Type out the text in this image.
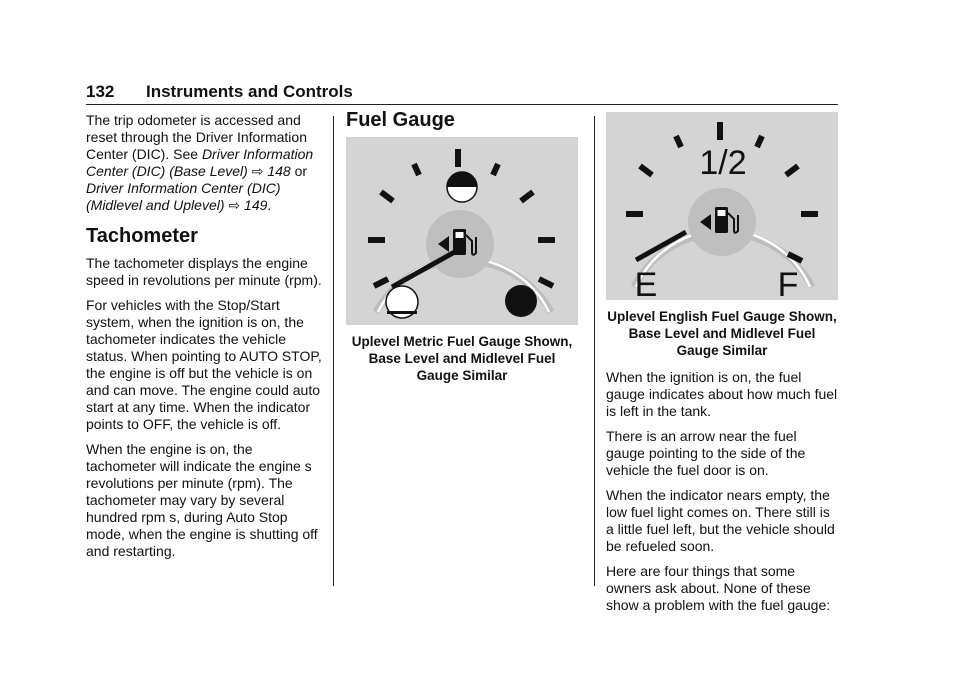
132 Instruments and Controls

The trip odometer is accessed and reset through the Driver Information Center (DIC). See Driver Information Center (DIC) (Base Level) ⇨ 148 or
Driver Information Center (DIC) (Midlevel and Uplevel) ⇨ 149.

Tachometer

The tachometer displays the engine speed in revolutions per minute (rpm).

For vehicles with the Stop/Start system, when the ignition is on, the tachometer indicates the vehicle status. When pointing to AUTO STOP, the engine is off but the vehicle is on and can move. The engine could auto start at any time. When the indicator points to OFF, the vehicle is off.

When the engine is on, the tachometer will indicate the engine s revolutions per minute (rpm). The tachometer may vary by several hundred rpm s, during Auto Stop mode, when the engine is shutting off and restarting.

Fuel Gauge
Uplevel Metric Fuel Gauge Shown, Base Level and Midlevel Fuel Gauge Similar
1/2
E	F
Uplevel English Fuel Gauge Shown, Base Level and Midlevel Fuel Gauge Similar

When the ignition is on, the fuel gauge indicates about how much fuel is left in the tank.

There is an arrow near the fuel gauge pointing to the side of the vehicle the fuel door is on.

When the indicator nears empty, the low fuel light comes on. There still is a little fuel left, but the vehicle should be refueled soon.

Here are four things that some owners ask about. None of these show a problem with the fuel gauge:
